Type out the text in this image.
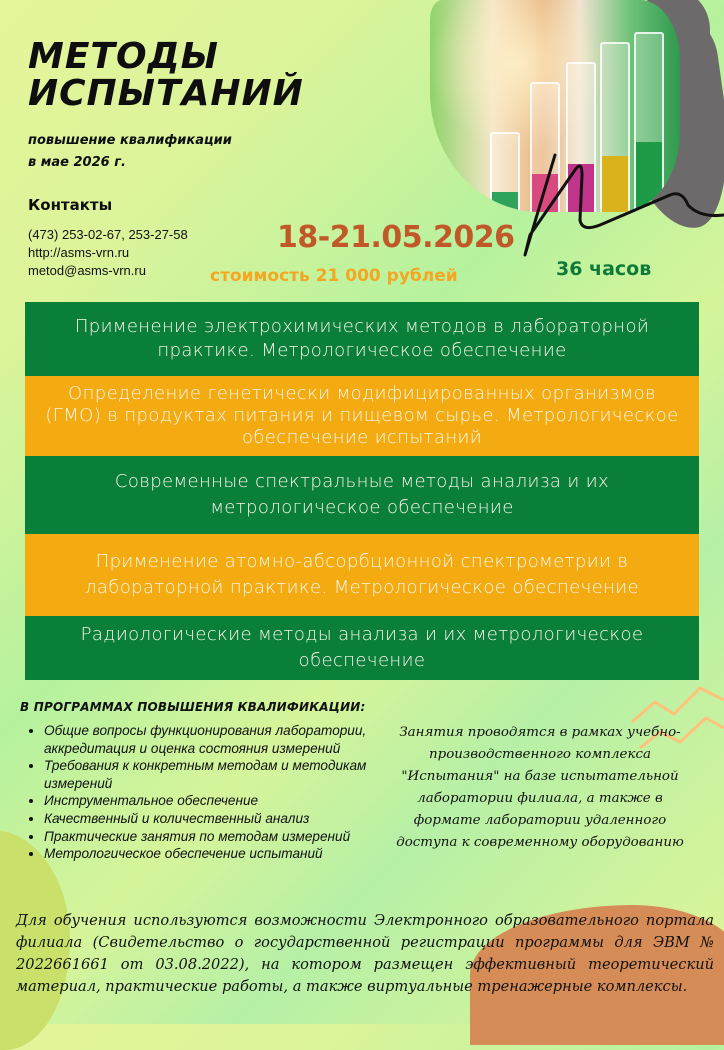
МЕТОДЫ
ИСПЫТАНИЙ
повышение квалификации
в мае 2026 г.
Контакты
(473) 253-02-67, 253-27-58
http://asms-vrn.ru
metod@asms-vrn.ru
18-21.05.2026
стоимость 21 000 рублей	36 часов
Применение электрохимических методов в лабораторной практике. Метрологическое обеспечение
Определение генетически модифицированных организмов (ГМО) в продуктах питания и пищевом сырье. Метрологическое обеспечение испытаний
Современные спектральные методы анализа и их метрологическое обеспечение
Применение атомно-абсорбционной спектрометрии в лабораторной практике. Метрологическое обеспечение
Радиологические методы анализа и их метрологическое обеспечение
В ПРОГРАММАХ ПОВЫШЕНИЯ КВАЛИФИКАЦИИ:
• Общие вопросы функционирования лаборатории, аккредитация и оценка состояния измерений
• Требования к конкретным методам и методикам измерений
• Инструментальное обеспечение
• Качественный и количественный анализ
• Практические занятия по методам измерений
• Метрологическое обеспечение испытаний
Занятия проводятся в рамках учебно-производственного комплекса "Испытания" на базе испытательной лаборатории филиала, а также в формате лаборатории удаленного доступа к современному оборудованию
Для обучения используются возможности Электронного образовательного портала филиала (Свидетельство о государственной регистрации программы для ЭВМ № 2022661661 от 03.08.2022), на котором размещен эффективный теоретический материал, практические работы, а также виртуальные тренажерные комплексы.
